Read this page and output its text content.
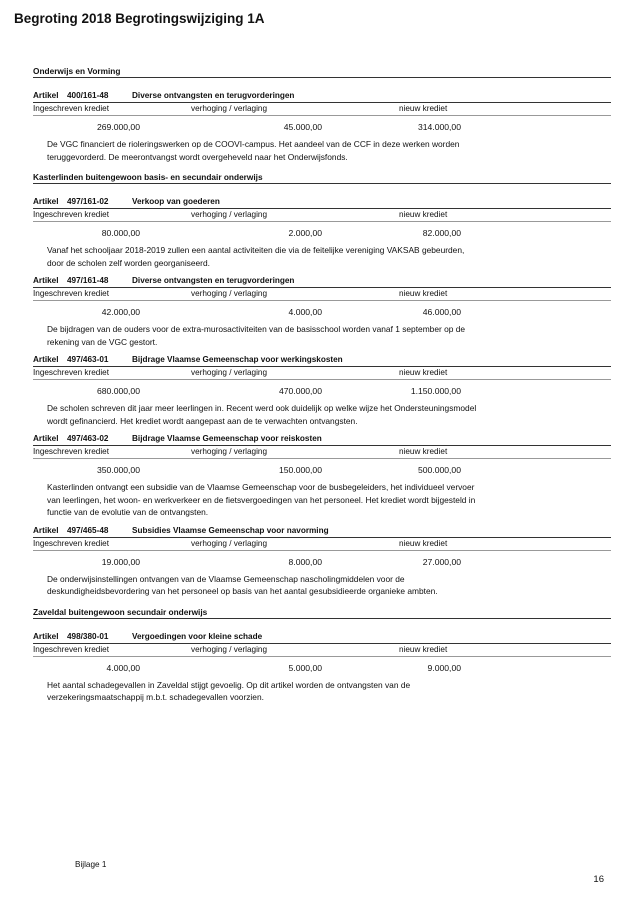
Begroting 2018 Begrotingswijziging 1A
Onderwijs en Vorming
Artikel 400/161-48	Diverse ontvangsten en terugvorderingen
Ingeschreven krediet	verhoging / verlaging	nieuw krediet
269.000,00	45.000,00	314.000,00
De VGC financiert de rioleringswerken op de COOVI-campus. Het aandeel van de CCF in deze werken worden teruggevorderd. De meerontvangst wordt overgeheveld naar het Onderwijsfonds.
Kasterlinden buitengewoon basis- en secundair onderwijs
Artikel 497/161-02	Verkoop van goederen
Ingeschreven krediet	verhoging / verlaging	nieuw krediet
80.000,00	2.000,00	82.000,00
Vanaf het schooljaar 2018-2019 zullen een aantal activiteiten die via de feitelijke vereniging VAKSAB gebeurden, door de scholen zelf worden georganiseerd.
Artikel 497/161-48	Diverse ontvangsten en terugvorderingen
Ingeschreven krediet	verhoging / verlaging	nieuw krediet
42.000,00	4.000,00	46.000,00
De bijdragen van de ouders voor de extra-murosactiviteiten van de basisschool worden vanaf 1 september op de rekening van de VGC gestort.
Artikel 497/463-01	Bijdrage Vlaamse Gemeenschap voor werkingskosten
Ingeschreven krediet	verhoging / verlaging	nieuw krediet
680.000,00	470.000,00	1.150.000,00
De scholen schreven dit jaar meer leerlingen in. Recent werd ook duidelijk op welke wijze het Ondersteuningsmodel wordt gefinancierd. Het krediet wordt aangepast aan de te verwachten ontvangsten.
Artikel 497/463-02	Bijdrage Vlaamse Gemeenschap voor reiskosten
Ingeschreven krediet	verhoging / verlaging	nieuw krediet
350.000,00	150.000,00	500.000,00
Kasterlinden ontvangt een subsidie van de Vlaamse Gemeenschap voor de busbegeleiders, het individueel vervoer van leerlingen, het woon- en werkverkeer en de fietsvergoedingen van het personeel. Het krediet wordt bijgesteld in functie van de evolutie van de ontvangsten.
Artikel 497/465-48	Subsidies Vlaamse Gemeenschap voor navorming
Ingeschreven krediet	verhoging / verlaging	nieuw krediet
19.000,00	8.000,00	27.000,00
De onderwijsinstellingen ontvangen van de Vlaamse Gemeenschap nascholingmiddelen voor de deskundigheidsbevordering van het personeel op basis van het aantal gesubsidieerde organieke ambten.
Zaveldal buitengewoon secundair onderwijs
Artikel 498/380-01	Vergoedingen voor kleine schade
Ingeschreven krediet	verhoging / verlaging	nieuw krediet
4.000,00	5.000,00	9.000,00
Het aantal schadegevallen in Zaveldal stijgt gevoelig. Op dit artikel worden de ontvangsten van de verzekeringsmaatschappij m.b.t. schadegevallen voorzien.
Bijlage 1
16
